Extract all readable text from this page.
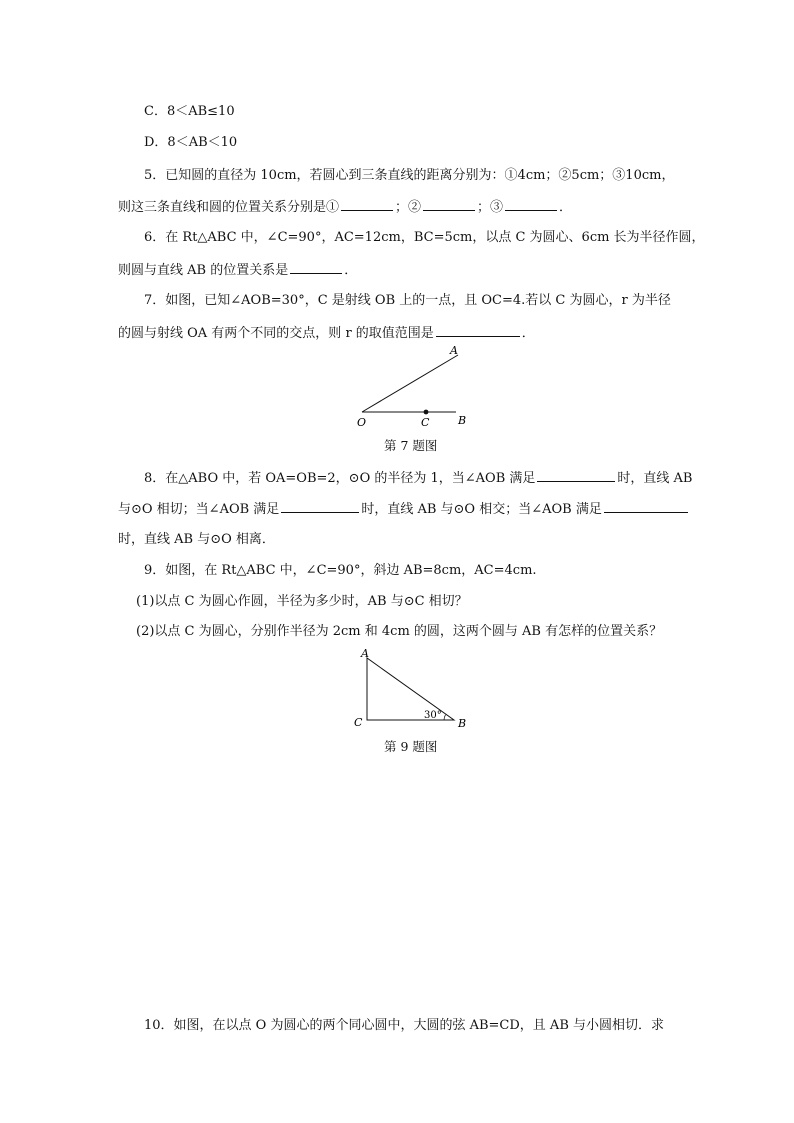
C．8＜AB≤10
D．8＜AB＜10
5．已知圆的直径为 10cm，若圆心到三条直线的距离分别为：①4cm；②5cm；③10cm，
则这三条直线和圆的位置关系分别是①	；②	；③	．
6．在 Rt△ABC 中，∠C=90°，AC=12cm，BC=5cm，以点 C 为圆心、6cm 长为半径作圆，
则圆与直线 AB 的位置关系是	．
7．如图，已知∠AOB=30°，C 是射线 OB 上的一点，且 OC=4.若以 C 为圆心，r 为半径
的圆与射线 OA 有两个不同的交点，则 r 的取值范围是	．
A
O	C	B
第 7 题图
8．在△ABO 中，若 OA=OB=2，⊙O 的半径为 1，当∠AOB 满足	时，直线 AB
与⊙O 相切；当∠AOB 满足	时，直线 AB 与⊙O 相交；当∠AOB 满足
时，直线 AB 与⊙O 相离．
9．如图，在 Rt△ABC 中，∠C=90°，斜边 AB=8cm，AC=4cm.
(1)以点 C 为圆心作圆，半径为多少时，AB 与⊙C 相切？
(2)以点 C 为圆心，分别作半径为 2cm 和 4cm 的圆，这两个圆与 AB 有怎样的位置关系？
A
C	B
30°
第 9 题图
10．如图，在以点 O 为圆心的两个同心圆中，大圆的弦 AB=CD，且 AB 与小圆相切．求
